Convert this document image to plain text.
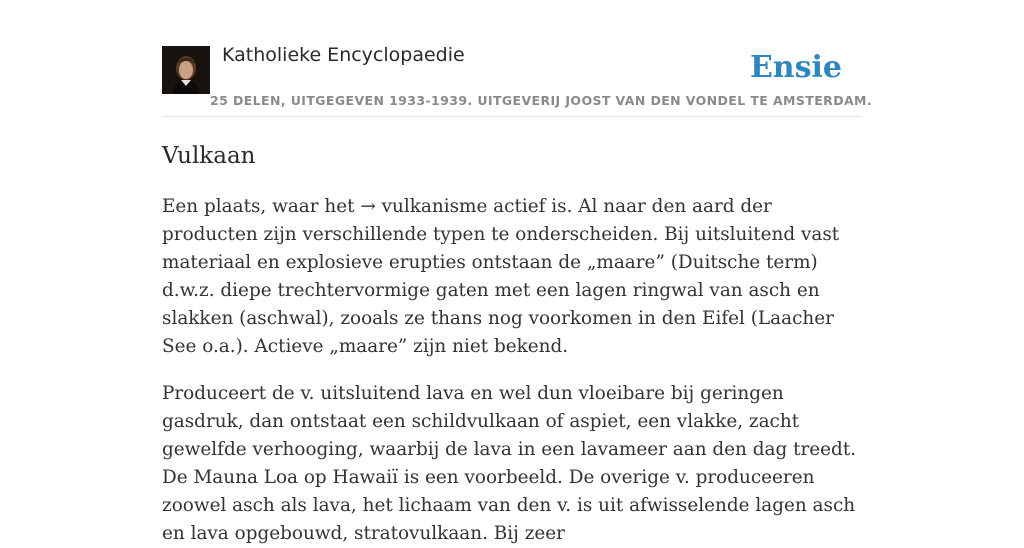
Katholieke Encyclopaedie
25 DELEN, UITGEGEVEN 1933-1939. UITGEVERIJ JOOST VAN DEN VONDEL TE AMSTERDAM.
Ensie
Vulkaan

Een plaats, waar het → vulkanisme actief is. Al naar den aard der producten zijn verschillende typen te onderscheiden. Bij uitsluitend vast materiaal en explosieve erupties ontstaan de „maare” (Duitsche term) d.w.z. diepe trechtervormige gaten met een lagen ringwal van asch en slakken (aschwal), zooals ze thans nog voorkomen in den Eifel (Laacher See o.a.). Actieve „maare” zijn niet bekend.

Produceert de v. uitsluitend lava en wel dun vloeibare bij geringen gasdruk, dan ontstaat een schildvulkaan of aspiet, een vlakke, zacht gewelfde verhooging, waarbij de lava in een lavameer aan den dag treedt. De Mauna Loa op Hawaiï is een voorbeeld. De overige v. produceeren zoowel asch als lava, het lichaam van den v. is uit afwisselende lagen asch en lava opgebouwd, stratovulkaan. Bij zeer
